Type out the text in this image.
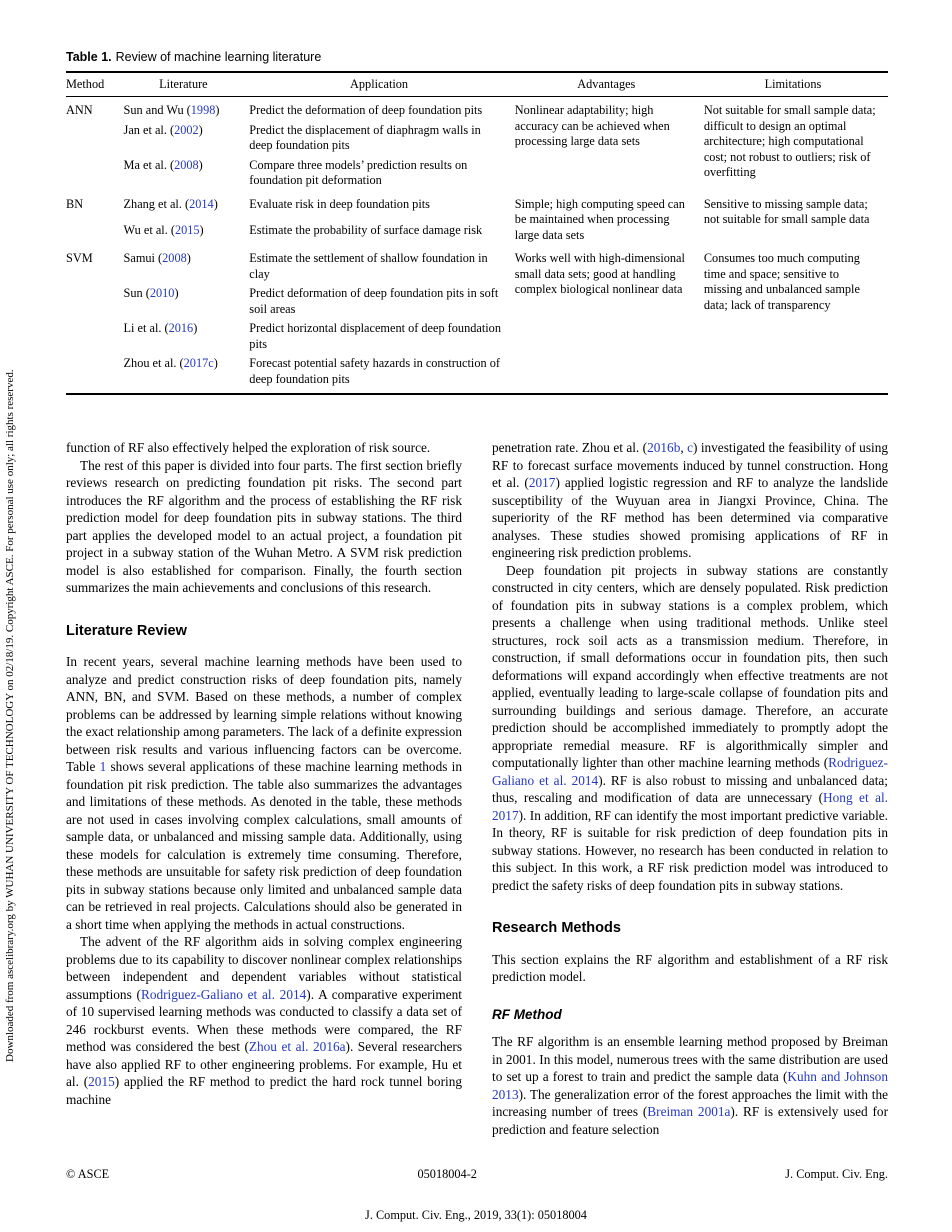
Downloaded from ascelibrary.org by WUHAN UNIVERSITY OF TECHNOLOGY on 02/18/19. Copyright ASCE. For personal use only; all rights reserved.
Table 1. Review of machine learning literature
Method	Literature	Application	Advantages	Limitations
ANN	Sun and Wu (1998)	Predict the deformation of deep foundation pits	Nonlinear adaptability; high accuracy can be achieved when processing large data sets	Not suitable for small sample data; difficult to design an optimal architecture; high computational cost; not robust to outliers; risk of overfitting
	Jan et al. (2002)	Predict the displacement of diaphragm walls in deep foundation pits		
	Ma et al. (2008)	Compare three models’ prediction results on foundation pit deformation		
BN	Zhang et al. (2014)	Evaluate risk in deep foundation pits	Simple; high computing speed can be maintained when processing large data sets	Sensitive to missing sample data; not suitable for small sample data
	Wu et al. (2015)	Estimate the probability of surface damage risk		
SVM	Samui (2008)	Estimate the settlement of shallow foundation in clay	Works well with high-dimensional small data sets; good at handling complex biological nonlinear data	Consumes too much computing time and space; sensitive to missing and unbalanced sample data; lack of transparency
	Sun (2010)	Predict deformation of deep foundation pits in soft soil areas		
	Li et al. (2016)	Predict horizontal displacement of deep foundation pits		
	Zhou et al. (2017c)	Forecast potential safety hazards in construction of deep foundation pits		

function of RF also effectively helped the exploration of risk source.

The rest of this paper is divided into four parts. The first section briefly reviews research on predicting foundation pit risks. The second part introduces the RF algorithm and the process of establishing the RF risk prediction model for deep foundation pits in subway stations. The third part applies the developed model to an actual project, a foundation pit project in a subway station of the Wuhan Metro. A SVM risk prediction model is also established for comparison. Finally, the fourth section summarizes the main achievements and conclusions of this research.

Literature Review

In recent years, several machine learning methods have been used to analyze and predict construction risks of deep foundation pits, namely ANN, BN, and SVM. Based on these methods, a number of complex problems can be addressed by learning simple relations without knowing the exact relationship among parameters. The lack of a definite expression between risk results and various influencing factors can be overcome. Table 1 shows several applications of these machine learning methods in foundation pit risk prediction. The table also summarizes the advantages and limitations of these methods. As denoted in the table, these methods are not used in cases involving complex calculations, small amounts of sample data, or unbalanced and missing sample data. Additionally, using these models for calculation is extremely time consuming. Therefore, these methods are unsuitable for safety risk prediction of deep foundation pits in subway stations because only limited and unbalanced sample data can be retrieved in real projects. Calculations should also be generated in a short time when applying the methods in actual constructions.

The advent of the RF algorithm aids in solving complex engineering problems due to its capability to discover nonlinear complex relationships between independent and dependent variables without statistical assumptions (Rodriguez-Galiano et al. 2014). A comparative experiment of 10 supervised learning methods was conducted to classify a data set of 246 rockburst events. When these methods were compared, the RF method was considered the best (Zhou et al. 2016a). Several researchers have also applied RF to other engineering problems. For example, Hu et al. (2015) applied the RF method to predict the hard rock tunnel boring machine

penetration rate. Zhou et al. (2016b, c) investigated the feasibility of using RF to forecast surface movements induced by tunnel construction. Hong et al. (2017) applied logistic regression and RF to analyze the landslide susceptibility of the Wuyuan area in Jiangxi Province, China. The superiority of the RF method has been determined via comparative analyses. These studies showed promising applications of RF in engineering risk prediction problems.

Deep foundation pit projects in subway stations are constantly constructed in city centers, which are densely populated. Risk prediction of foundation pits in subway stations is a complex problem, which presents a challenge when using traditional methods. Unlike steel structures, rock soil acts as a transmission medium. Therefore, in construction, if small deformations occur in foundation pits, then such deformations will expand accordingly when effective treatments are not applied, eventually leading to large-scale collapse of foundation pits and surrounding buildings and serious damage. Therefore, an accurate prediction should be accomplished immediately to promptly adopt the appropriate remedial measure. RF is algorithmically simpler and computationally lighter than other machine learning methods (Rodriguez-Galiano et al. 2014). RF is also robust to missing and unbalanced data; thus, rescaling and modification of data are unnecessary (Hong et al. 2017). In addition, RF can identify the most important predictive variable. In theory, RF is suitable for risk prediction of deep foundation pits in subway stations. However, no research has been conducted in relation to this subject. In this work, a RF risk prediction model was introduced to predict the safety risks of deep foundation pits in subway stations.

Research Methods

This section explains the RF algorithm and establishment of a RF risk prediction model.

RF Method

The RF algorithm is an ensemble learning method proposed by Breiman in 2001. In this model, numerous trees with the same distribution are used to set up a forest to train and predict the sample data (Kuhn and Johnson 2013). The generalization error of the forest approaches the limit with the increasing number of trees (Breiman 2001a). RF is extensively used for prediction and feature selection

© ASCE	05018004-2	J. Comput. Civ. Eng.
J. Comput. Civ. Eng., 2019, 33(1): 05018004
